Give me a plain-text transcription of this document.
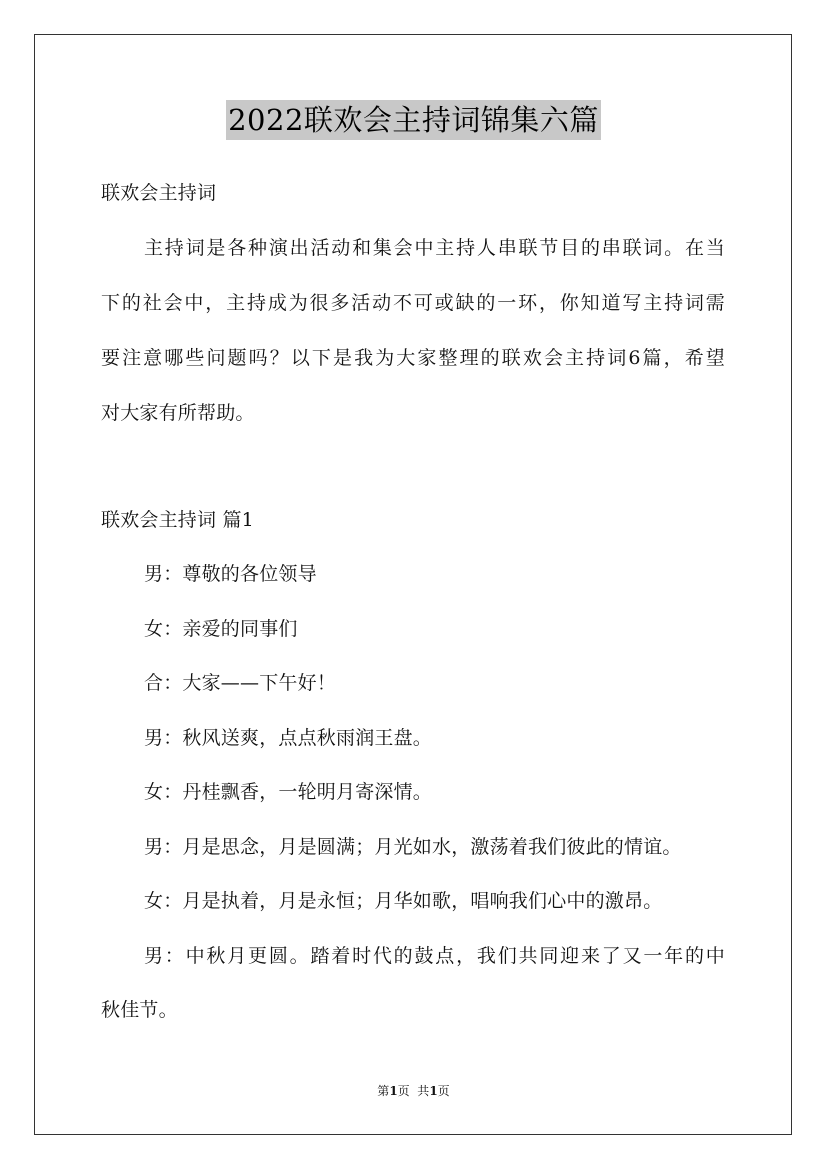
2022联欢会主持词锦集六篇
联欢会主持词
主持词是各种演出活动和集会中主持人串联节目的串联词。在当
下的社会中，主持成为很多活动不可或缺的一环，你知道写主持词需
要注意哪些问题吗？以下是我为大家整理的联欢会主持词6篇，希望
对大家有所帮助。
联欢会主持词 篇1
男：尊敬的各位领导
女：亲爱的同事们
合：大家——下午好！
男：秋风送爽，点点秋雨润王盘。
女：丹桂飘香，一轮明月寄深情。
男：月是思念，月是圆满；月光如水，激荡着我们彼此的情谊。
女：月是执着，月是永恒；月华如歌，唱响我们心中的激昂。
男：中秋月更圆。踏着时代的鼓点，我们共同迎来了又一年的中
秋佳节。
第1页  共1页
